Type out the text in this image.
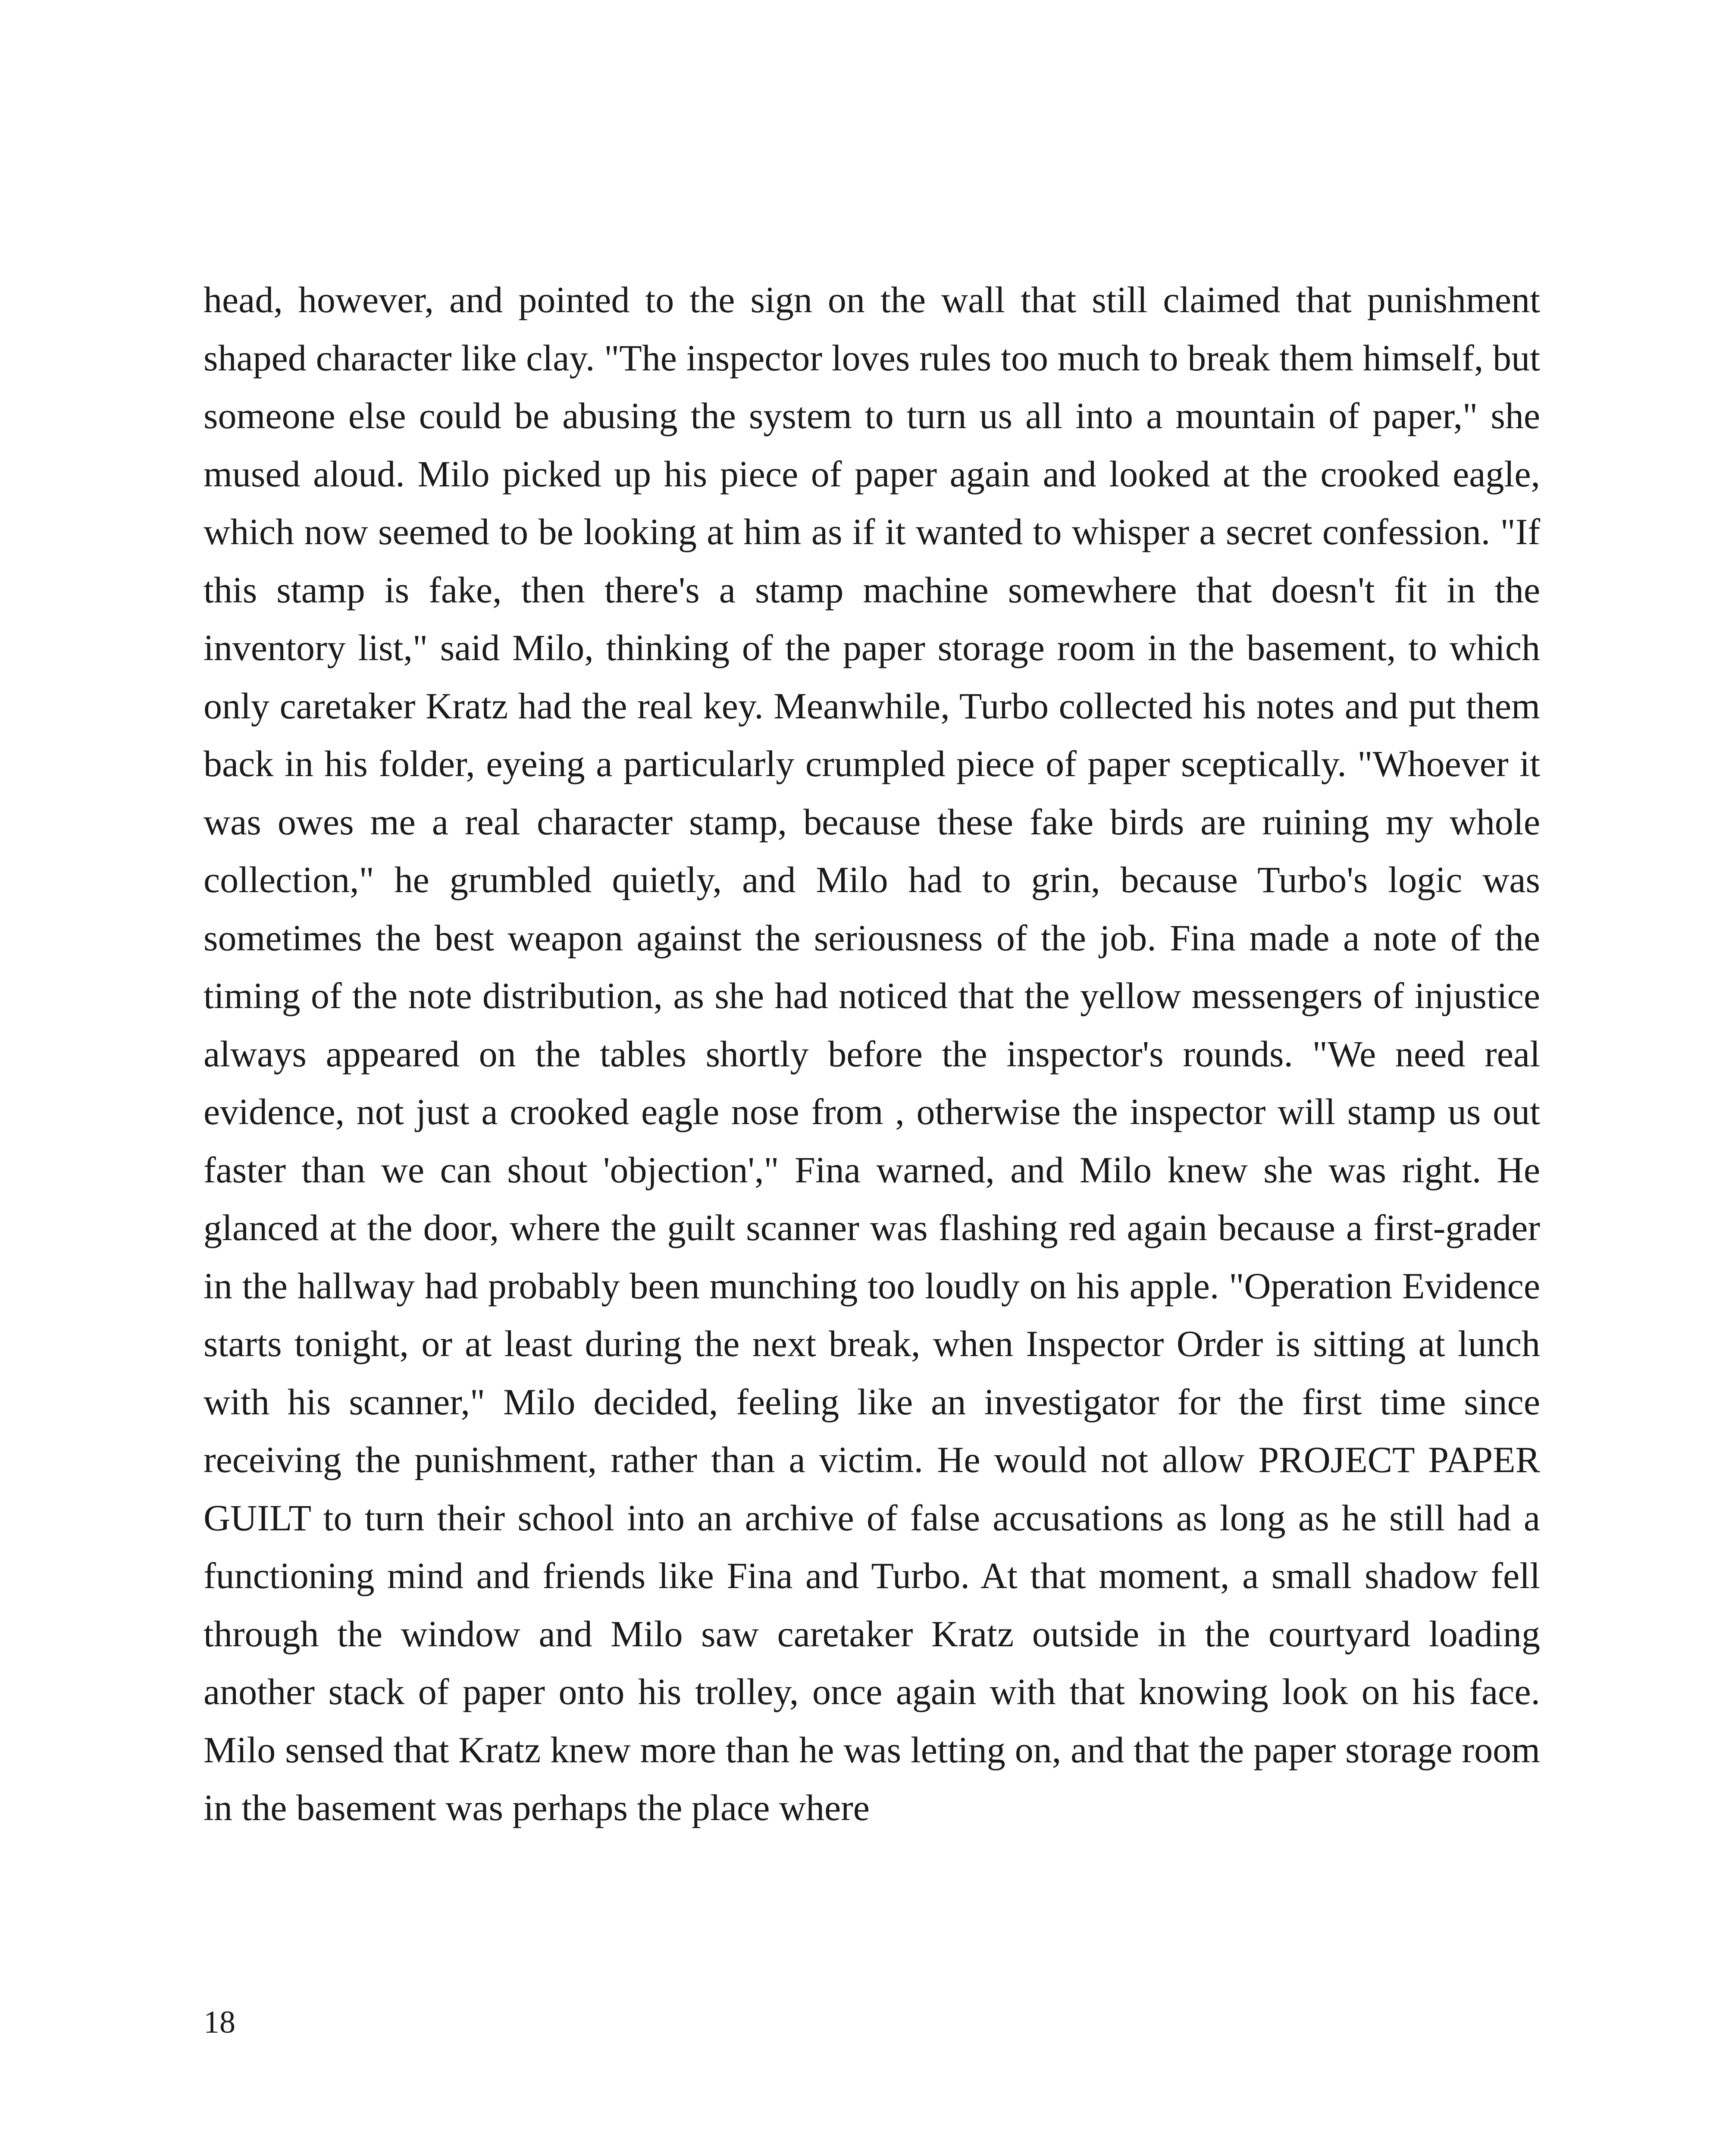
head, however, and pointed to the sign on the wall that still claimed that punishment shaped character like clay. "The inspector loves rules too much to break them himself, but someone else could be abusing the system to turn us all into a mountain of paper," she mused aloud. Milo picked up his piece of paper again and looked at the crooked eagle, which now seemed to be looking at him as if it wanted to whisper a secret confession. "If this stamp is fake, then there's a stamp machine somewhere that doesn't fit in the inventory list," said Milo, thinking of the paper storage room in the basement, to which only caretaker Kratz had the real key. Meanwhile, Turbo collected his notes and put them back in his folder, eyeing a particularly crumpled piece of paper sceptically. "Whoever it was owes me a real character stamp, because these fake birds are ruining my whole collection," he grumbled quietly, and Milo had to grin, because Turbo's logic was sometimes the best weapon against the seriousness of the job. Fina made a note of the timing of the note distribution, as she had noticed that the yellow messengers of injustice always appeared on the tables shortly before the inspector's rounds. "We need real evidence, not just a crooked eagle nose from , otherwise the inspector will stamp us out faster than we can shout 'objection'," Fina warned, and Milo knew she was right. He glanced at the door, where the guilt scanner was flashing red again because a first-grader in the hallway had probably been munching too loudly on his apple. "Operation Evidence starts tonight, or at least during the next break, when Inspector Order is sitting at lunch with his scanner," Milo decided, feeling like an investigator for the first time since receiving the punishment, rather than a victim. He would not allow PROJECT PAPER GUILT to turn their school into an archive of false accusations as long as he still had a functioning mind and friends like Fina and Turbo. At that moment, a small shadow fell through the window and Milo saw caretaker Kratz outside in the courtyard loading another stack of paper onto his trolley, once again with that knowing look on his face. Milo sensed that Kratz knew more than he was letting on, and that the paper storage room in the basement was perhaps the place where

18
